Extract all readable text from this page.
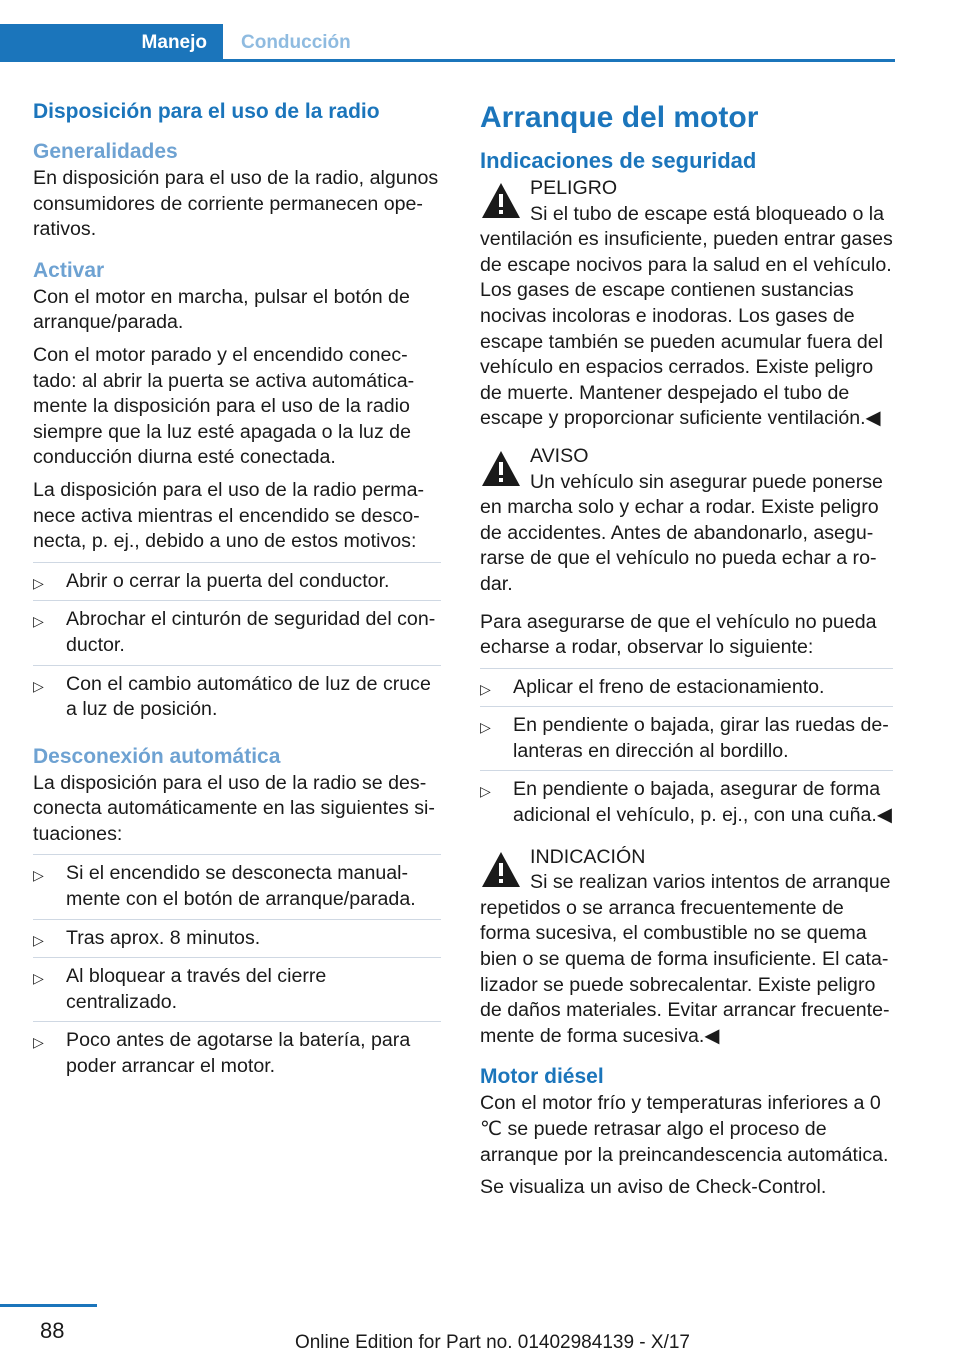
Manejo	Conducción
Disposición para el uso de la radio
Generalidades

En disposición para el uso de la radio, algunos consumidores de corriente permanecen operativos.

Activar

Con el motor en marcha, pulsar el botón de arranque/parada.

Con el motor parado y el encendido conectado: al abrir la puerta se activa automáticamente la disposición para el uso de la radio siempre que la luz esté apagada o la luz de conducción diurna esté conectada.

La disposición para el uso de la radio permanece activa mientras el encendido se desconecta, p. ej., debido a uno de estos motivos:

▷ Abrir o cerrar la puerta del conductor.
▷ Abrochar el cinturón de seguridad del conductor.
▷ Con el cambio automático de luz de cruce a luz de posición.
Desconexión automática

La disposición para el uso de la radio se desconecta automáticamente en las siguientes situaciones:

▷ Si el encendido se desconecta manualmente con el botón de arranque/parada.
▷ Tras aprox. 8 minutos.
▷ Al bloquear a través del cierre centralizado.
▷ Poco antes de agotarse la batería, para poder arrancar el motor.
Arranque del motor
Indicaciones de seguridad
PELIGRO
Si el tubo de escape está bloqueado o la ventilación es insuficiente, pueden entrar gases de escape nocivos para la salud en el vehículo. Los gases de escape contienen sustancias nocivas incoloras e inodoras. Los gases de escape también se pueden acumular fuera del vehículo en espacios cerrados. Existe peligro de muerte. Mantener despejado el tubo de escape y proporcionar suficiente ventilación.◀
AVISO
Un vehículo sin asegurar puede ponerse en marcha solo y echar a rodar. Existe peligro de accidentes. Antes de abandonarlo, asegurarse de que el vehículo no pueda echar a rodar.

Para asegurarse de que el vehículo no pueda echarse a rodar, observar lo siguiente:

▷ Aplicar el freno de estacionamiento.
▷ En pendiente o bajada, girar las ruedas delanteras en dirección al bordillo.
▷ En pendiente o bajada, asegurar de forma adicional el vehículo, p. ej., con una cuña.◀
INDICACIÓN
Si se realizan varios intentos de arranque repetidos o se arranca frecuentemente de forma sucesiva, el combustible no se quema bien o se quema de forma insuficiente. El catalizador se puede sobrecalentar. Existe peligro de daños materiales. Evitar arrancar frecuentemente de forma sucesiva.◀
Motor diésel

Con el motor frío y temperaturas inferiores a 0 ℃ se puede retrasar algo el proceso de arranque por la preincandescencia automática.

Se visualiza un aviso de Check-Control.

88	Online Edition for Part no. 01402984139 - X/17
